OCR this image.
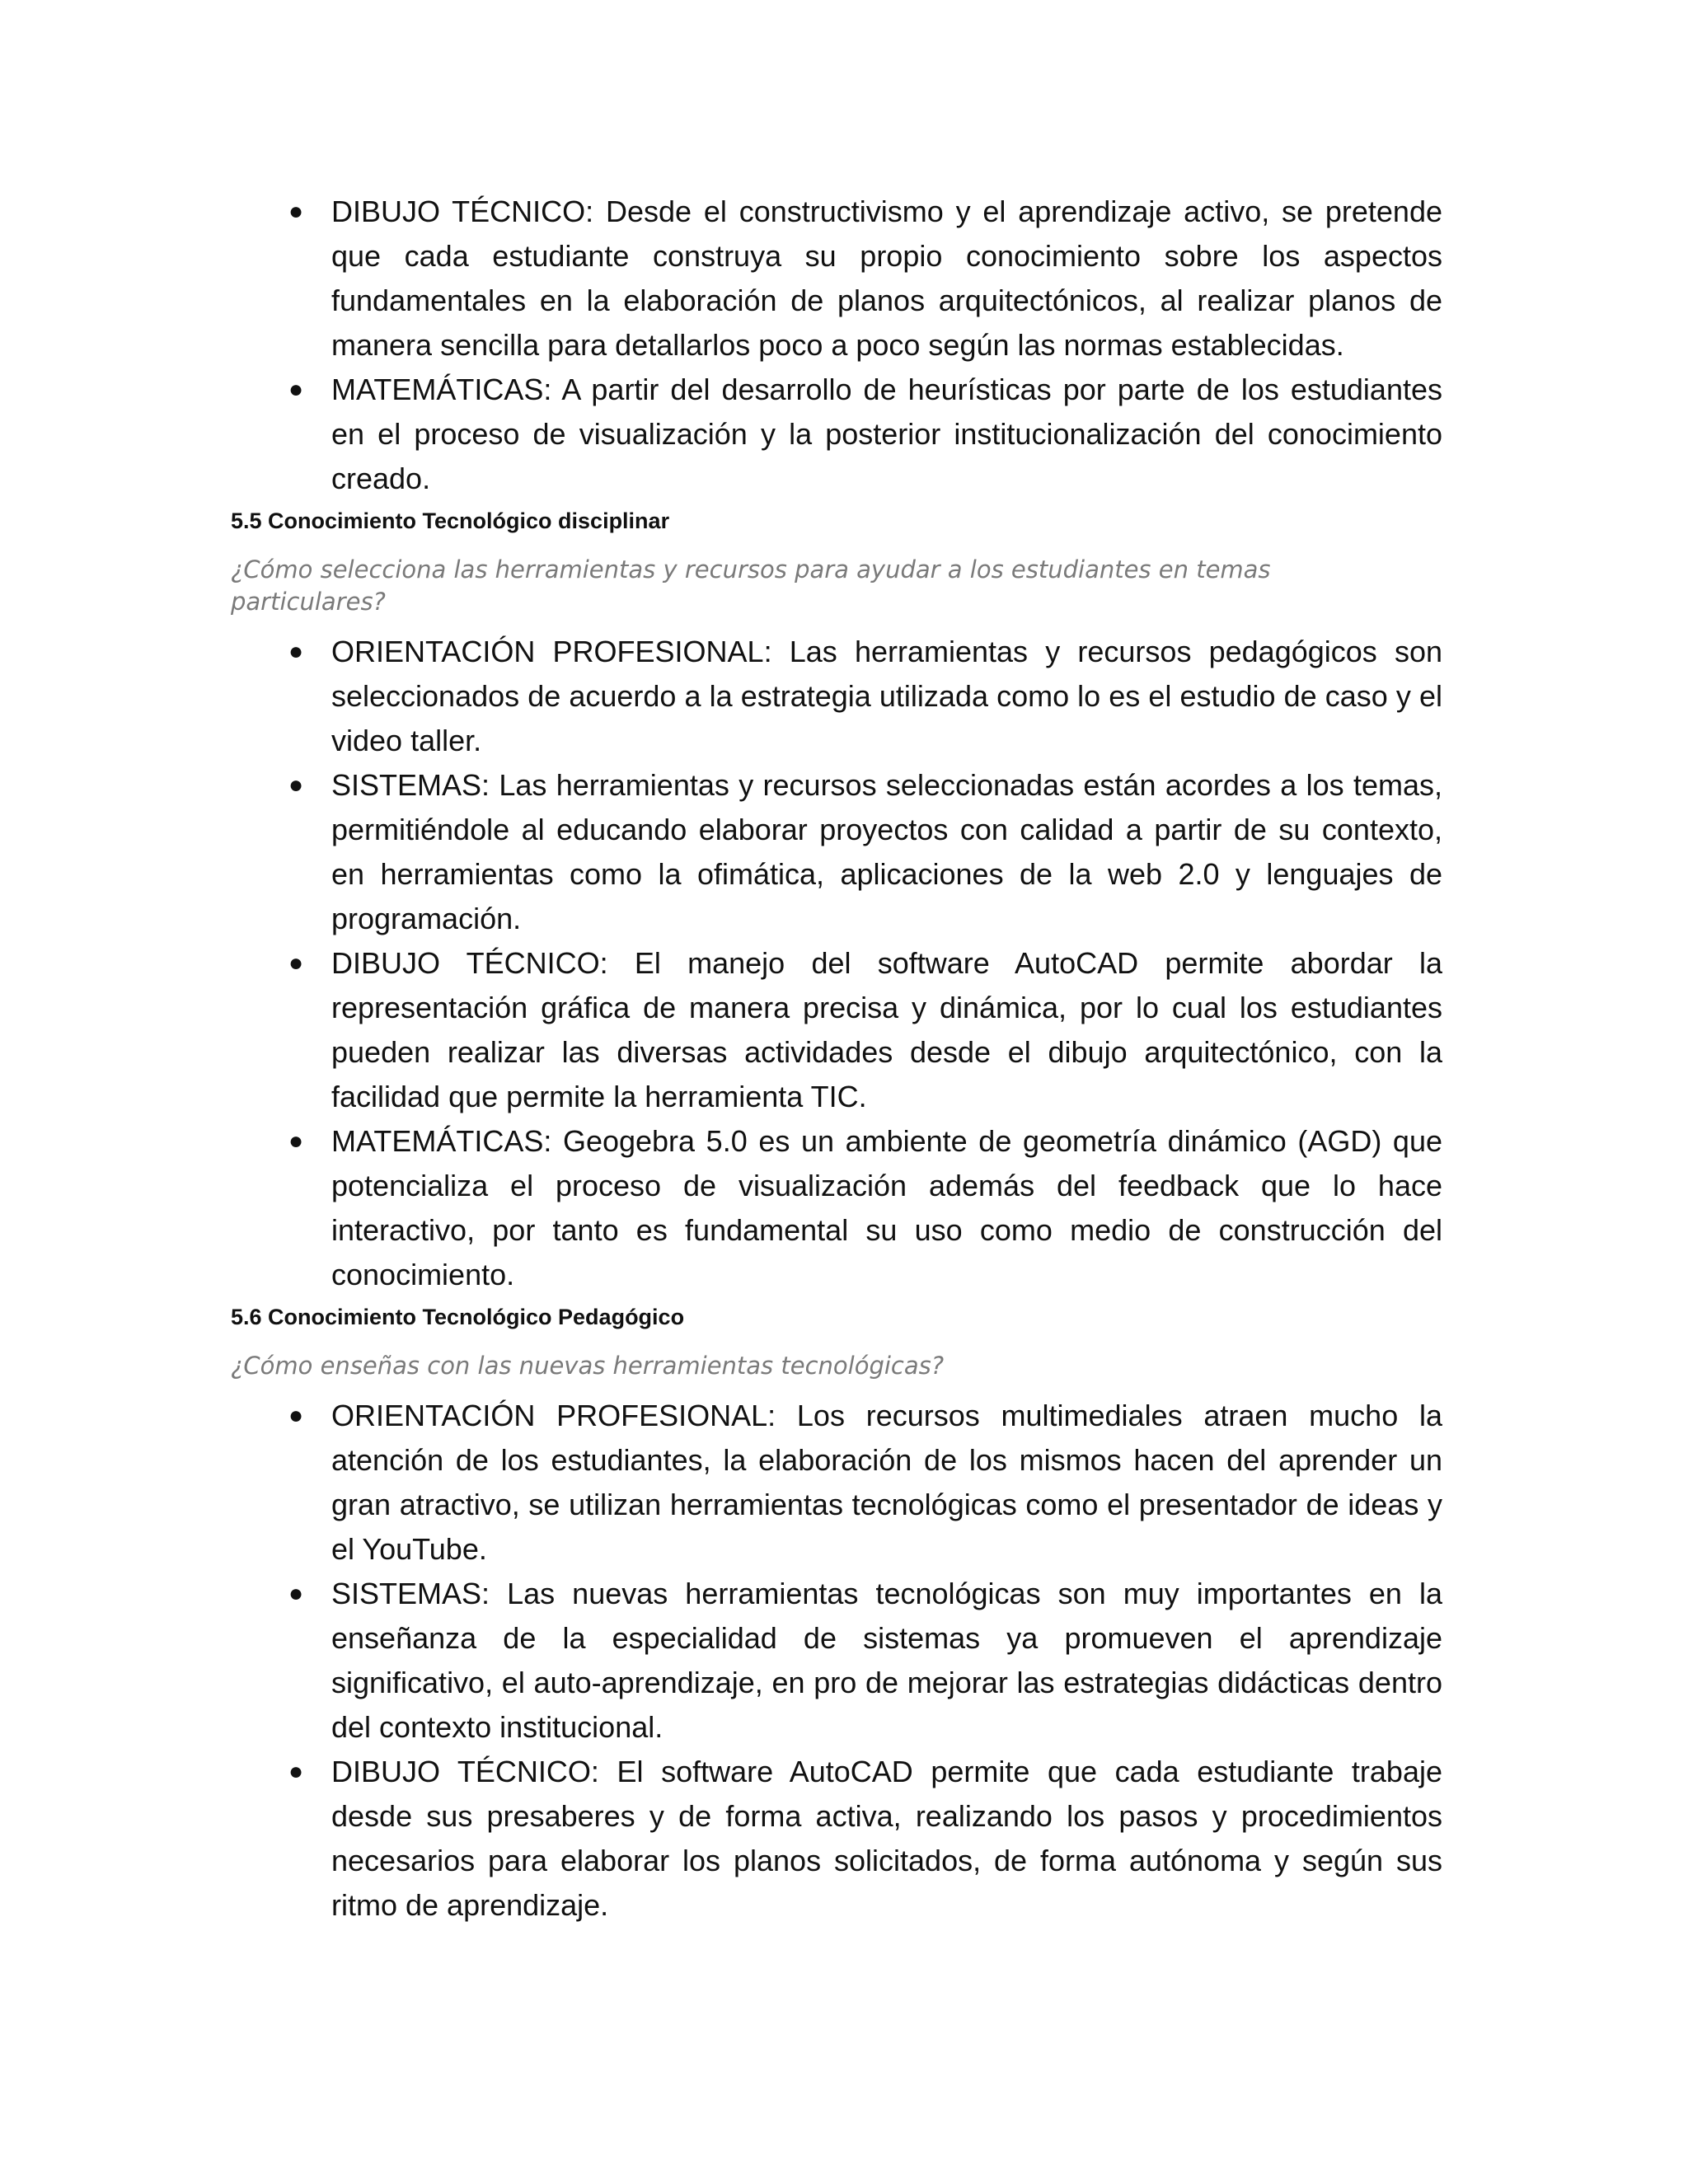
● DIBUJO TÉCNICO: Desde el constructivismo y el aprendizaje activo, se pretende que cada estudiante construya su propio conocimiento sobre los aspectos fundamentales en la elaboración de planos arquitectónicos, al realizar planos de manera sencilla para detallarlos poco a poco según las normas establecidas.
● MATEMÁTICAS: A partir del desarrollo de heurísticas por parte de los estudiantes en el proceso de visualización y la posterior institucionalización del conocimiento creado.
5.5 Conocimiento Tecnológico disciplinar

¿Cómo selecciona las herramientas y recursos para ayudar a los estudiantes en temas particulares?

● ORIENTACIÓN PROFESIONAL: Las herramientas y recursos pedagógicos son seleccionados de acuerdo a la estrategia utilizada como lo es el estudio de caso y el video taller.
● SISTEMAS: Las herramientas y recursos seleccionadas están acordes a los temas, permitiéndole al educando elaborar proyectos con calidad a partir de su contexto, en herramientas como la ofimática, aplicaciones de la web 2.0 y lenguajes de programación.
● DIBUJO TÉCNICO: El manejo del software AutoCAD permite abordar la representación gráfica de manera precisa y dinámica, por lo cual los estudiantes pueden realizar las diversas actividades desde el dibujo arquitectónico, con la facilidad que permite la herramienta TIC.
● MATEMÁTICAS: Geogebra 5.0 es un ambiente de geometría dinámico (AGD) que potencializa el proceso de visualización además del feedback que lo hace interactivo, por tanto es fundamental su uso como medio de construcción del conocimiento.
5.6 Conocimiento Tecnológico Pedagógico

¿Cómo enseñas con las nuevas herramientas tecnológicas?

● ORIENTACIÓN PROFESIONAL: Los recursos multimediales atraen mucho la atención de los estudiantes, la elaboración de los mismos hacen del aprender un gran atractivo, se utilizan herramientas tecnológicas como el presentador de ideas y el YouTube.
● SISTEMAS: Las nuevas herramientas tecnológicas son muy importantes en la enseñanza de la especialidad de sistemas ya promueven el aprendizaje significativo, el auto-aprendizaje, en pro de mejorar las estrategias didácticas dentro del contexto institucional.
● DIBUJO TÉCNICO: El software AutoCAD permite que cada estudiante trabaje desde sus presaberes y de forma activa, realizando los pasos y procedimientos necesarios para elaborar los planos solicitados, de forma autónoma y según sus ritmo de aprendizaje.
